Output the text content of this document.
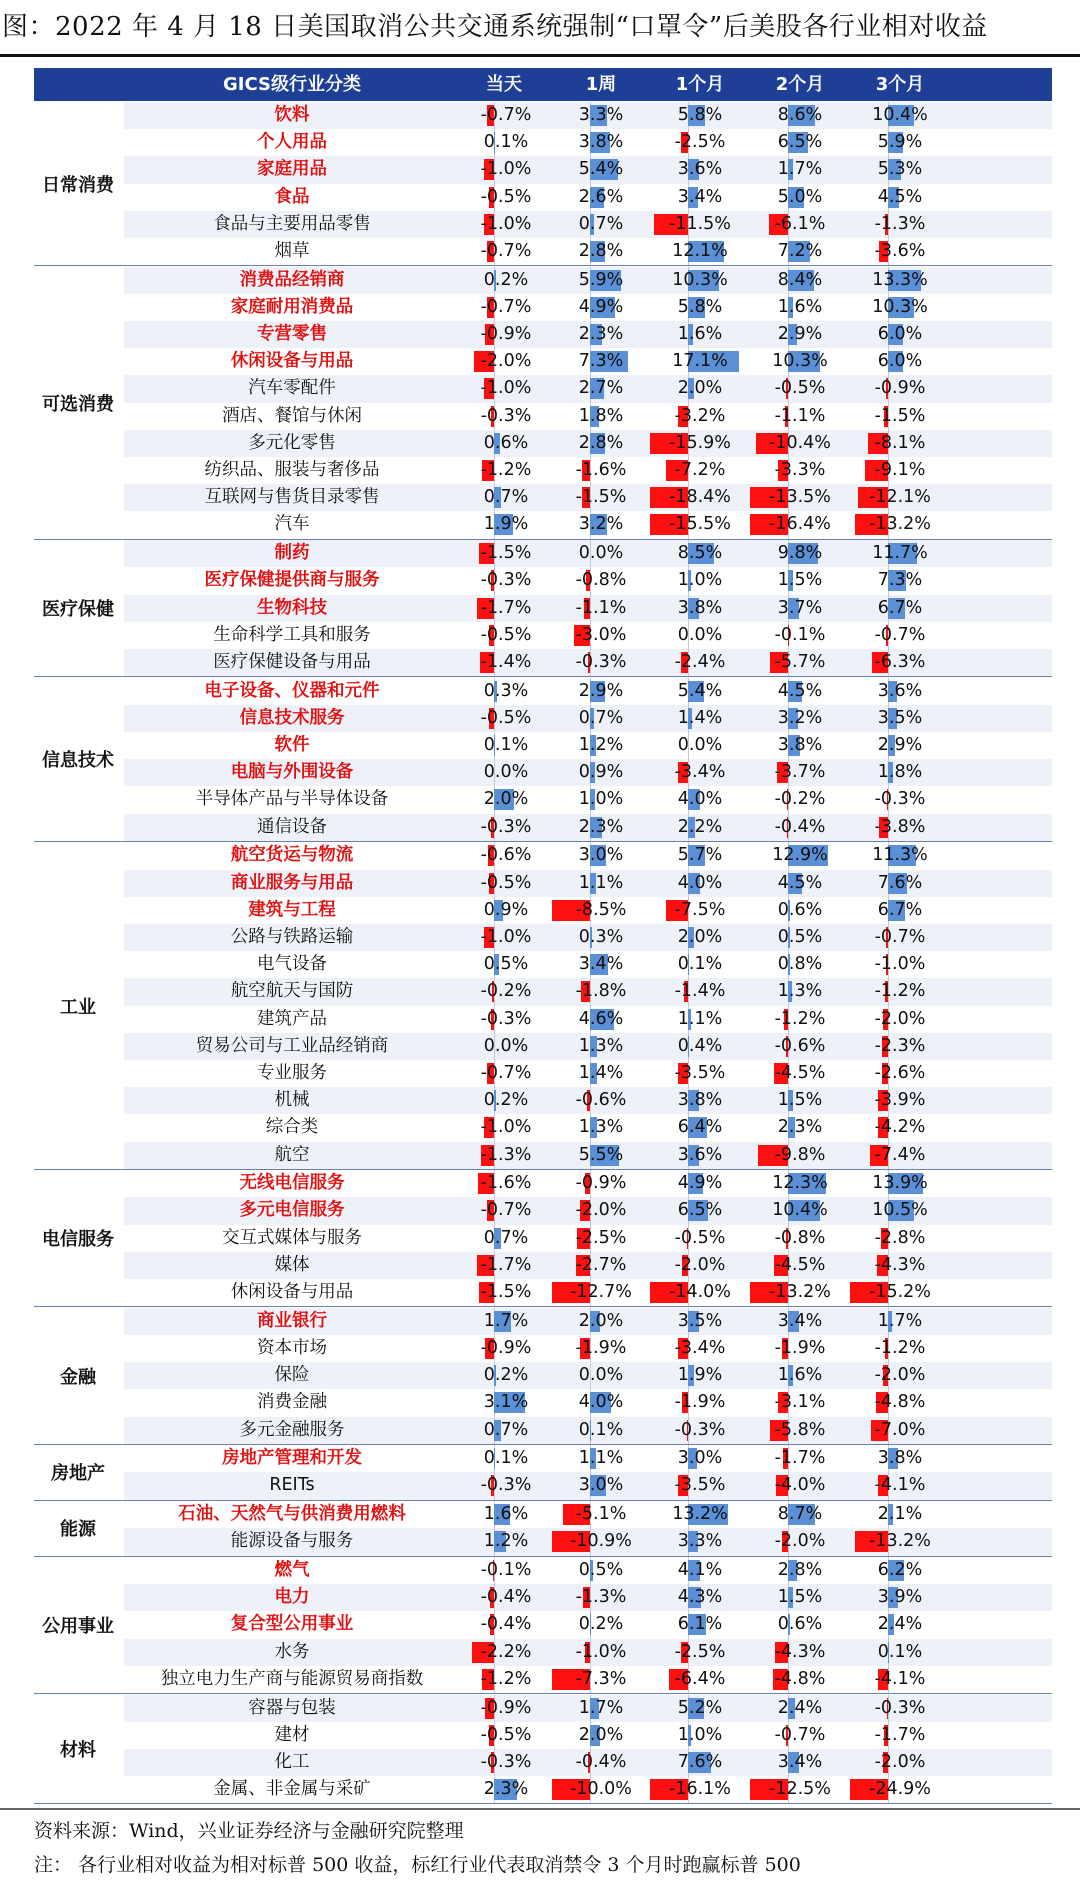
图：2022 年 4 月 18 日美国取消公共交通系统强制“口罩令”后美股各行业相对收益
GICS级行业分类	当天	1周	1个月	2个月	3个月
日常消费
饮料	-0.7%	3.3%	5.8%	8.6%	10.4%
个人用品	0.1%	3.8%	-2.5%	6.5%	5.9%
家庭用品	-1.0%	5.4%	3.6%	1.7%	5.3%
食品	-0.5%	2.6%	3.4%	5.0%	4.5%
食品与主要用品零售	-1.0%	0.7%	-11.5%	-6.1%	-1.3%
烟草	-0.7%	2.8%	12.1%	7.2%	-3.6%
可选消费
消费品经销商	0.2%	5.9%	10.3%	8.4%	13.3%
家庭耐用消费品	-0.7%	4.9%	5.8%	1.6%	10.3%
专营零售	-0.9%	2.3%	1.6%	2.9%	6.0%
休闲设备与用品	-2.0%	7.3%	17.1%	10.3%	6.0%
汽车零配件	-1.0%	2.7%	2.0%	-0.5%	-0.9%
酒店、餐馆与休闲	-0.3%	1.8%	-3.2%	-1.1%	-1.5%
多元化零售	0.6%	2.8%	-15.9%	-10.4%	-8.1%
纺织品、服装与奢侈品	-1.2%	-1.6%	-7.2%	-3.3%	-9.1%
互联网与售货目录零售	0.7%	-1.5%	-18.4%	-13.5%	-12.1%
汽车	1.9%	3.2%	-15.5%	-16.4%	-13.2%
医疗保健
制药	-1.5%	0.0%	8.5%	9.8%	11.7%
医疗保健提供商与服务	-0.3%	-0.8%	1.0%	1.5%	7.3%
生物科技	-1.7%	-1.1%	3.8%	3.7%	6.7%
生命科学工具和服务	-0.5%	-3.0%	0.0%	-0.1%	-0.7%
医疗保健设备与用品	-1.4%	-0.3%	-2.4%	-5.7%	-6.3%
信息技术
电子设备、仪器和元件	0.3%	2.9%	5.4%	4.5%	3.6%
信息技术服务	-0.5%	0.7%	1.4%	3.2%	3.5%
软件	0.1%	1.2%	0.0%	3.8%	2.9%
电脑与外围设备	0.0%	0.9%	-3.4%	-3.7%	1.8%
半导体产品与半导体设备	2.0%	1.0%	4.0%	-0.2%	-0.3%
通信设备	-0.3%	2.3%	2.2%	-0.4%	-3.8%
工业
航空货运与物流	-0.6%	3.0%	5.7%	12.9%	11.3%
商业服务与用品	-0.5%	1.1%	4.0%	4.5%	7.6%
建筑与工程	0.9%	-8.5%	-7.5%	0.6%	6.7%
公路与铁路运输	-1.0%	0.3%	2.0%	0.5%	-0.7%
电气设备	0.5%	3.4%	0.1%	0.8%	-1.0%
航空航天与国防	-0.2%	-1.8%	-1.4%	1.3%	-1.2%
建筑产品	-0.3%	4.6%	1.1%	-1.2%	-2.0%
贸易公司与工业品经销商	0.0%	1.3%	0.4%	-0.6%	-2.3%
专业服务	-0.7%	1.4%	-3.5%	-4.5%	-2.6%
机械	0.2%	-0.6%	3.8%	1.5%	-3.9%
综合类	-1.0%	1.3%	6.4%	2.3%	-4.2%
航空	-1.3%	5.5%	3.6%	-9.8%	-7.4%
电信服务
无线电信服务	-1.6%	-0.9%	4.9%	12.3%	13.9%
多元电信服务	-0.7%	-2.0%	6.5%	10.4%	10.5%
交互式媒体与服务	0.7%	-2.5%	-0.5%	-0.8%	-2.8%
媒体	-1.7%	-2.7%	-2.0%	-4.5%	-4.3%
休闲设备与用品	-1.5%	-12.7%	-14.0%	-13.2%	-15.2%
金融
商业银行	1.7%	2.0%	3.5%	3.4%	1.7%
资本市场	-0.9%	-1.9%	-3.4%	-1.9%	-1.2%
保险	0.2%	0.0%	1.9%	1.6%	-2.0%
消费金融	3.1%	4.0%	-1.9%	-3.1%	-4.8%
多元金融服务	0.7%	0.1%	-0.3%	-5.8%	-7.0%
房地产
房地产管理和开发	0.1%	1.1%	3.0%	-1.7%	3.8%
REITs	-0.3%	3.0%	-3.5%	-4.0%	-4.1%
能源
石油、天然气与供消费用燃料	1.6%	-5.1%	13.2%	8.7%	2.1%
能源设备与服务	1.2%	-10.9%	3.3%	-2.0%	-13.2%
公用事业
燃气	-0.1%	0.5%	4.1%	2.8%	6.2%
电力	-0.4%	-1.3%	4.3%	1.5%	3.9%
复合型公用事业	-0.4%	0.2%	6.1%	0.6%	2.4%
水务	-2.2%	-1.0%	-2.5%	-4.3%	0.1%
独立电力生产商与能源贸易商指数	-1.2%	-7.3%	-6.4%	-4.8%	-4.1%
材料
容器与包装	-0.9%	1.7%	5.2%	2.4%	-0.3%
建材	-0.5%	2.0%	1.0%	-0.7%	-1.7%
化工	-0.3%	-0.4%	7.6%	3.4%	-2.0%
金属、非金属与采矿	2.3%	-10.0%	-16.1%	-12.5%	-24.9%
资料来源：Wind，兴业证券经济与金融研究院整理
注： 各行业相对收益为相对标普 500 收益，标红行业代表取消禁令 3 个月时跑赢标普 500
